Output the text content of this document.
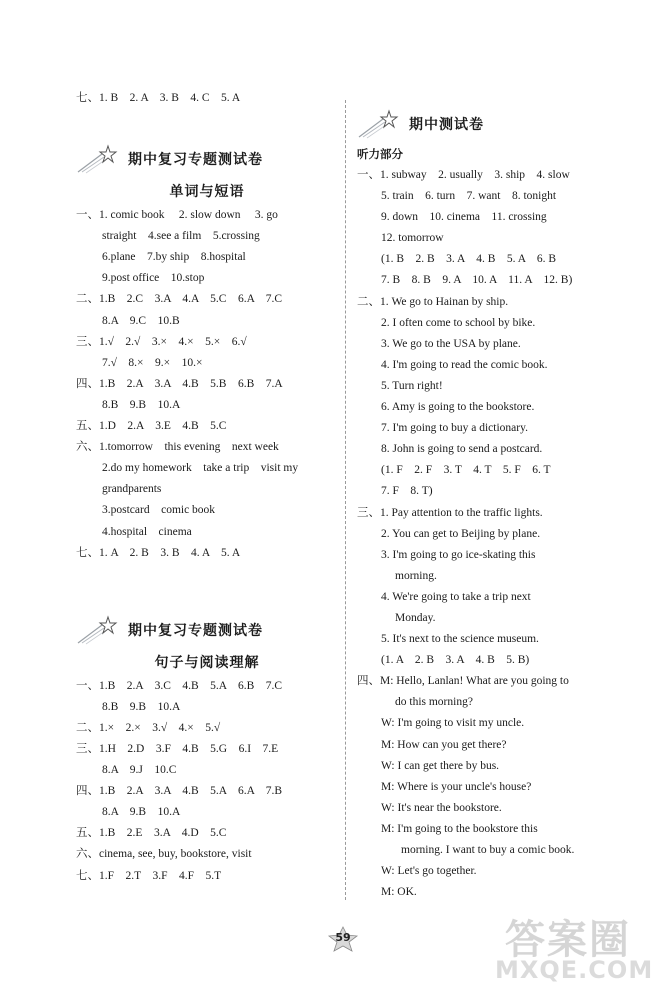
七、1. B　2. A　3. B　4. C　5. A
期中复习专题测试卷
单词与短语
一、1. comic book　 2. slow down　 3. go
straight　4.see a film　5.crossing
6.plane　7.by ship　8.hospital
9.post office　10.stop
二、1.B　2.C　3.A　4.A　5.C　6.A　7.C
8.A　9.C　10.B
三、1.√　2.√　3.×　4.×　5.×　6.√
7.√　8.×　9.×　10.×
四、1.B　2.A　3.A　4.B　5.B　6.B　7.A
8.B　9.B　10.A
五、1.D　2.A　3.E　4.B　5.C
六、1.tomorrow　this evening　next week
2.do my homework　take a trip　visit my
grandparents
3.postcard　comic book
4.hospital　cinema
七、1. A　2. B　3. B　4. A　5. A
期中复习专题测试卷
句子与阅读理解
一、1.B　2.A　3.C　4.B　5.A　6.B　7.C
8.B　9.B　10.A
二、1.×　2.×　3.√　4.×　5.√
三、1.H　2.D　3.F　4.B　5.G　6.I　7.E
8.A　9.J　10.C
四、1.B　2.A　3.A　4.B　5.A　6.A　7.B
8.A　9.B　10.A
五、1.B　2.E　3.A　4.D　5.C
六、cinema, see, buy, bookstore, visit
七、1.F　2.T　3.F　4.F　5.T
期中测试卷
听力部分
一、1. subway　2. usually　3. ship　4. slow
5. train　6. turn　7. want　8. tonight
9. down　10. cinema　11. crossing
12. tomorrow
(1. B　2. B　3. A　4. B　5. A　6. B
7. B　8. B　9. A　10. A　11. A　12. B)
二、1. We go to Hainan by ship.
2. I often come to school by bike.
3. We go to the USA by plane.
4. I'm going to read the comic book.
5. Turn right!
6. Amy is going to the bookstore.
7. I'm going to buy a dictionary.
8. John is going to send a postcard.
(1. F　2. F　3. T　4. T　5. F　6. T
7. F　8. T)
三、1. Pay attention to the traffic lights.
2. You can get to Beijing by plane.
3. I'm going to go ice-skating this
morning.
4. We're going to take a trip next
Monday.
5. It's next to the science museum.
(1. A　2. B　3. A　4. B　5. B)
四、M: Hello, Lanlan! What are you going to
do this morning?
W: I'm going to visit my uncle.
M: How can you get there?
W: I can get there by bus.
M: Where is your uncle's house?
W: It's near the bookstore.
M: I'm going to the bookstore this
morning. I want to buy a comic book.
W: Let's go together.
M: OK.
59	答案圈
MXQE.COM
